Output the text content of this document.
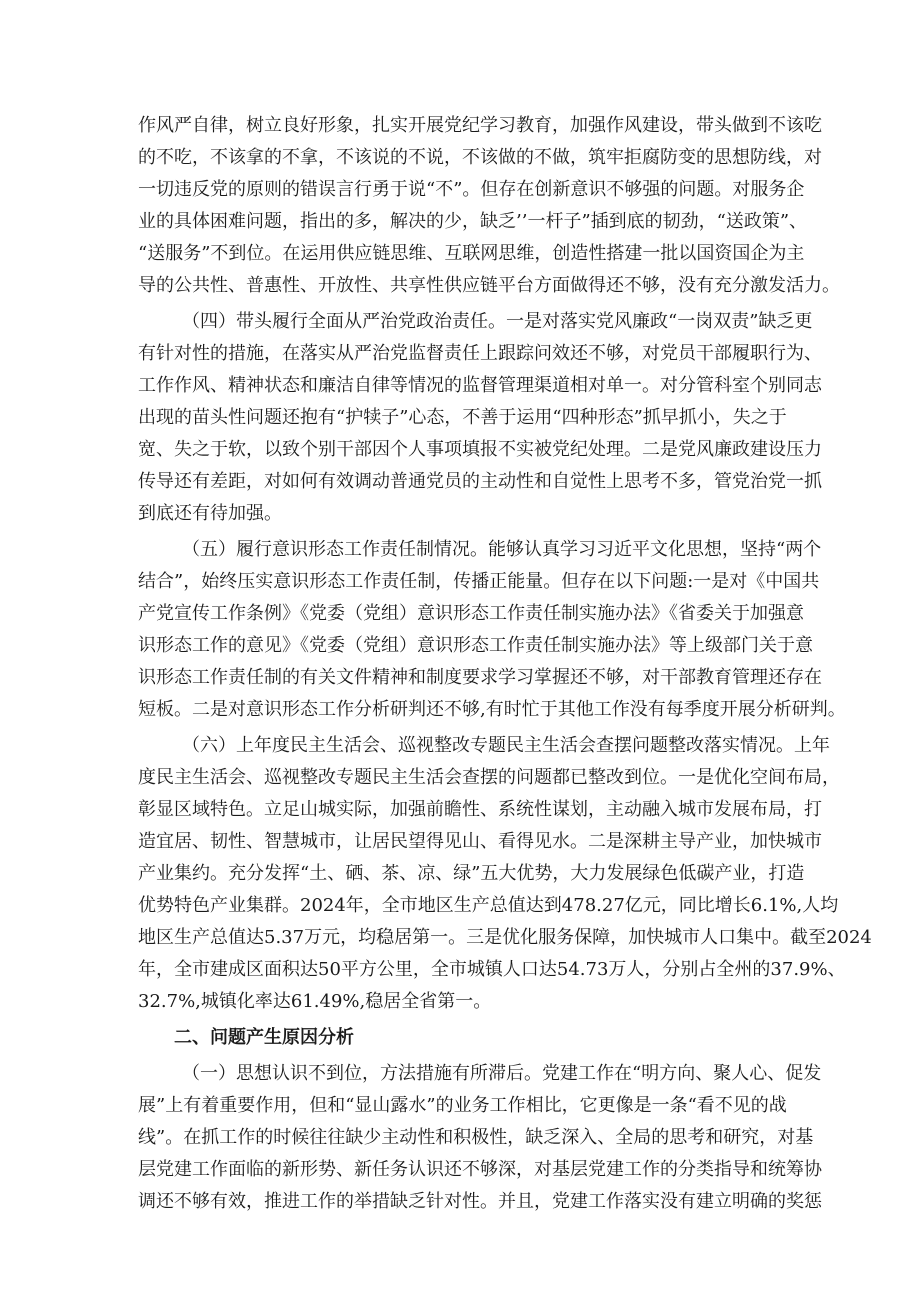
作风严自律，树立良好形象，扎实开展党纪学习教育，加强作风建设，带头做到不该吃
的不吃，不该拿的不拿，不该说的不说，不该做的不做，筑牢拒腐防变的思想防线，对
一切违反党的原则的错误言行勇于说“不”。但存在创新意识不够强的问题。对服务企
业的具体困难问题，指出的多，解决的少，缺乏’’一杆子”插到底的韧劲，“送政策”、
“送服务”不到位。在运用供应链思维、互联网思维，创造性搭建一批以国资国企为主
导的公共性、普惠性、开放性、共享性供应链平台方面做得还不够，没有充分激发活力。
（四）带头履行全面从严治党政治责任。一是对落实党风廉政“一岗双责”缺乏更
有针对性的措施，在落实从严治党监督责任上跟踪问效还不够，对党员干部履职行为、
工作作风、精神状态和廉洁自律等情况的监督管理渠道相对单一。对分管科室个别同志
出现的苗头性问题还抱有“护犊子”心态，不善于运用“四种形态”抓早抓小，失之于
宽、失之于软，以致个别干部因个人事项填报不实被党纪处理。二是党风廉政建设压力
传导还有差距，对如何有效调动普通党员的主动性和自觉性上思考不多，管党治党一抓
到底还有待加强。
（五）履行意识形态工作责任制情况。能够认真学习习近平文化思想，坚持“两个
结合”，始终压实意识形态工作责任制，传播正能量。但存在以下问题:一是对《中国共
产党宣传工作条例》《党委（党组）意识形态工作责任制实施办法》《省委关于加强意
识形态工作的意见》《党委（党组）意识形态工作责任制实施办法》等上级部门关于意
识形态工作责任制的有关文件精神和制度要求学习掌握还不够，对干部教育管理还存在
短板。二是对意识形态工作分析研判还不够,有时忙于其他工作没有每季度开展分析研判。
（六）上年度民主生活会、巡视整改专题民主生活会查摆问题整改落实情况。上年
度民主生活会、巡视整改专题民主生活会查摆的问题都已整改到位。一是优化空间布局，
彰显区域特色。立足山城实际，加强前瞻性、系统性谋划，主动融入城市发展布局，打
造宜居、韧性、智慧城市，让居民望得见山、看得见水。二是深耕主导产业，加快城市
产业集约。充分发挥“土、硒、茶、凉、绿”五大优势，大力发展绿色低碳产业，打造
优势特色产业集群。2024年，全市地区生产总值达到478.27亿元，同比增长6.1%,人均
地区生产总值达5.37万元，均稳居第一。三是优化服务保障，加快城市人口集中。截至2024
年，全市建成区面积达50平方公里，全市城镇人口达54.73万人，分别占全州的37.9%、
32.7%,城镇化率达61.49%,稳居全省第一。
二、问题产生原因分析
（一）思想认识不到位，方法措施有所滞后。党建工作在“明方向、聚人心、促发
展”上有着重要作用，但和“显山露水”的业务工作相比，它更像是一条“看不见的战
线”。在抓工作的时候往往缺少主动性和积极性，缺乏深入、全局的思考和研究，对基
层党建工作面临的新形势、新任务认识还不够深，对基层党建工作的分类指导和统筹协
调还不够有效，推进工作的举措缺乏针对性。并且，党建工作落实没有建立明确的奖惩
